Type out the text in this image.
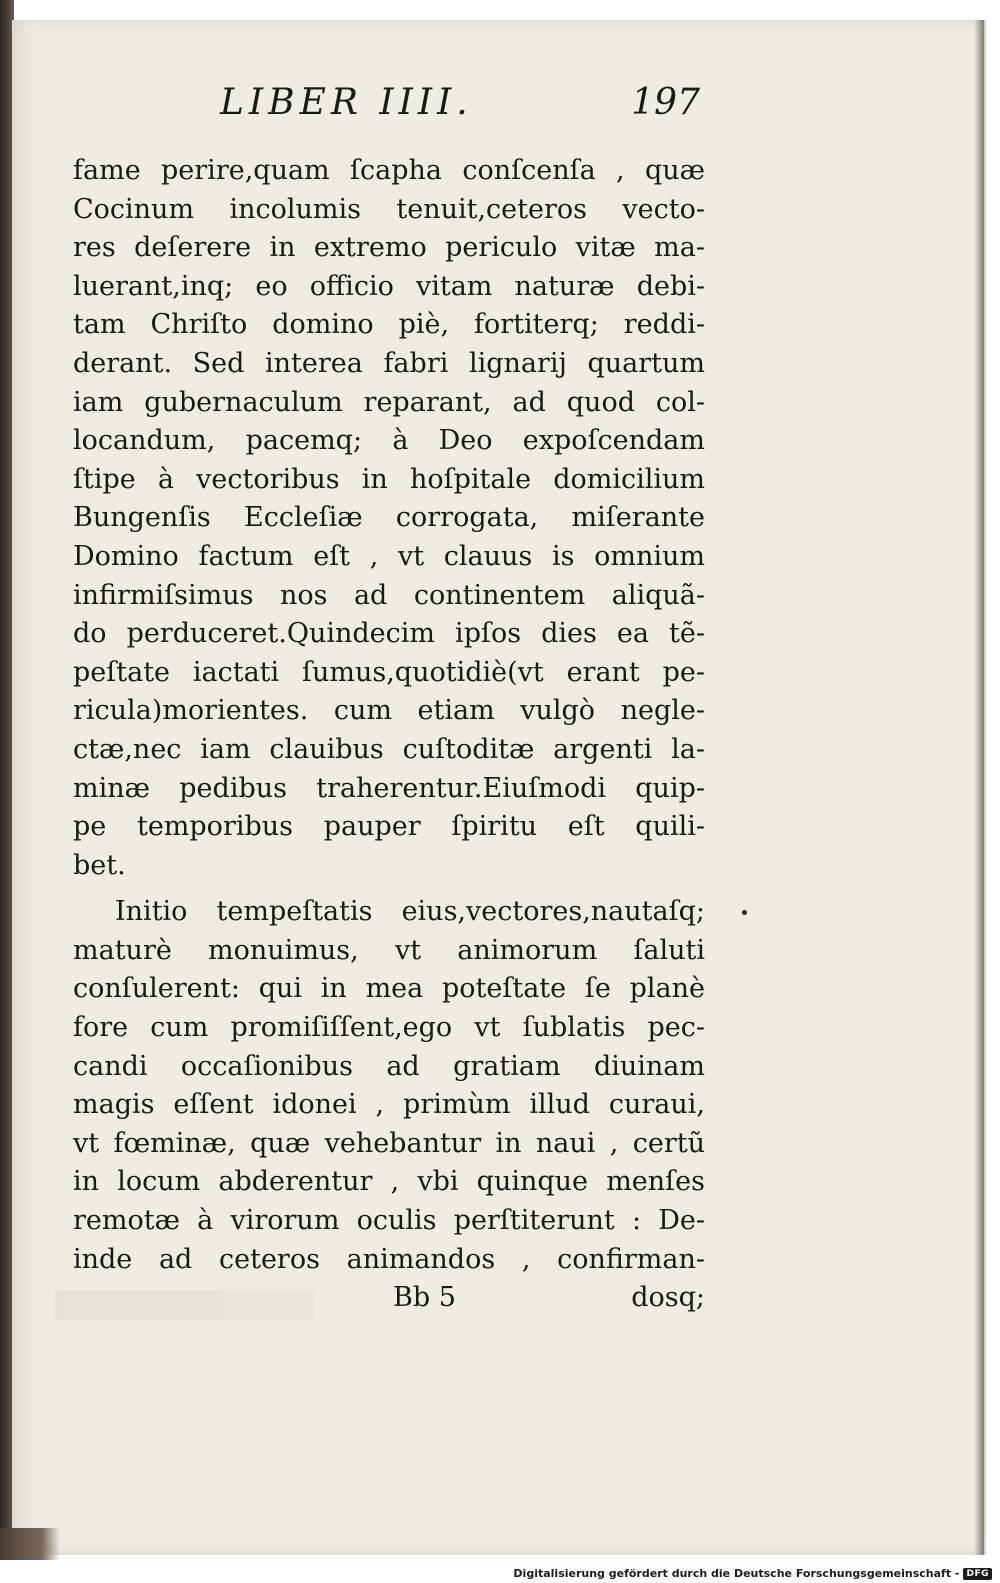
LIBER IIII.	197
fame perire,quam ſcapha conſcenſa , quæ
Cocinum incolumis tenuit,ceteros vecto-
res deſerere in extremo periculo vitæ ma-
luerant,inq; eo officio vitam naturæ debi-
tam Chriſto domino piè, fortiterq; reddi-
derant. Sed interea fabri lignarij quartum
iam gubernaculum reparant, ad quod col-
locandum, pacemq; à Deo expoſcendam
ſtipe à vectoribus in hoſpitale domicilium
Bungenſis Eccleſiæ corrogata, miſerante
Domino factum eſt , vt clauus is omnium
infirmiſsimus nos ad continentem aliquã-
do perduceret.Quindecim ipſos dies ea tẽ-
peſtate iactati ſumus,quotidiè(vt erant pe-
ricula)morientes. cum etiam vulgò negle-
ctæ,nec iam clauibus cuſtoditæ argenti la-
minæ pedibus traherentur.Eiuſmodi quip-
pe temporibus pauper ſpiritu eſt quili-
bet.
Initio tempeſtatis eius,vectores,nautaſq;
maturè monuimus, vt animorum ſaluti
conſulerent: qui in mea poteſtate ſe planè
fore cum promiſiſſent,ego vt ſublatis pec-
candi occaſionibus ad gratiam diuinam
magis eſſent idonei , primùm illud curaui,
vt fœminæ, quæ vehebantur in naui , certũ
in locum abderentur , vbi quinque menſes
remotæ à virorum oculis perſtiterunt : De-
inde ad ceteros animandos , confirman-
Bb 5	dosq;
Digitalisierung gefördert durch die Deutsche Forschungsgemeinschaft - DFG
